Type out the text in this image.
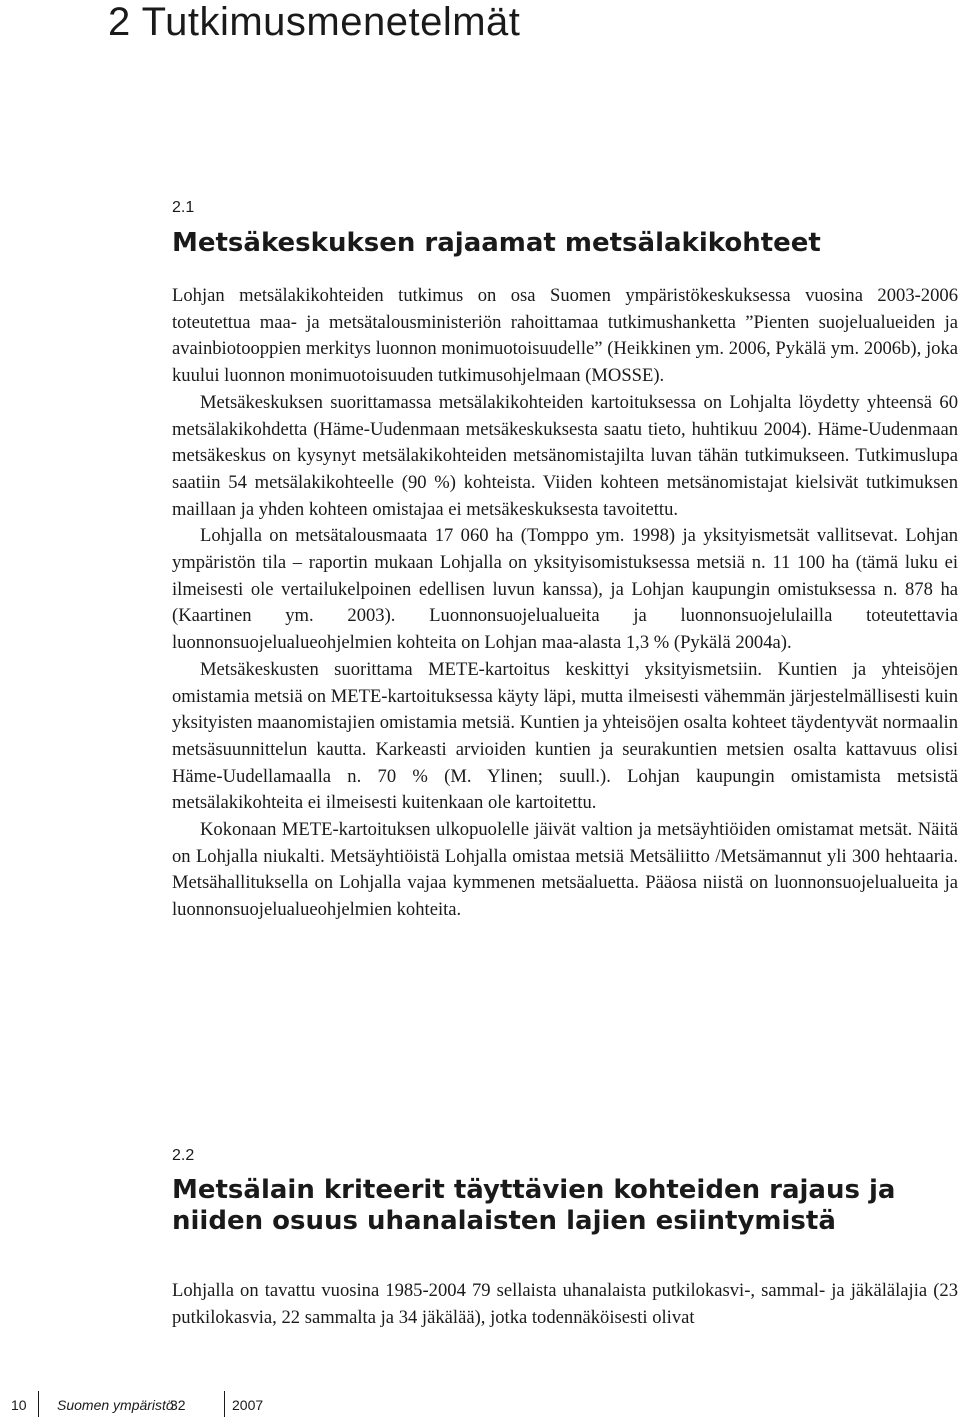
2 Tutkimusmenetelmät
2.1
Metsäkeskuksen rajaamat metsälakikohteet

Lohjan metsälakikohteiden tutkimus on osa Suomen ympäristökeskuksessa vuosina 2003-2006 toteutettua maa- ja metsätalousministeriön rahoittamaa tutkimushanketta ”Pienten suojelualueiden ja avainbiotooppien merkitys luonnon monimuotoisuudelle” (Heikkinen ym. 2006, Pykälä ym. 2006b), joka kuului luonnon monimuotoisuuden tutkimusohjelmaan (MOSSE).

Metsäkeskuksen suorittamassa metsälakikohteiden kartoituksessa on Lohjalta löydetty yhteensä 60 metsälakikohdetta (Häme-Uudenmaan metsäkeskuksesta saatu tieto, huhtikuu 2004). Häme-Uudenmaan metsäkeskus on kysynyt metsälakikohteiden metsänomistajilta luvan tähän tutkimukseen. Tutkimuslupa saatiin 54 metsälakikohteelle (90 %) kohteista. Viiden kohteen metsänomistajat kielsivät tutkimuksen maillaan ja yhden kohteen omistajaa ei metsäkeskuksesta tavoitettu.

Lohjalla on metsätalousmaata 17 060 ha (Tomppo ym. 1998) ja yksityismetsät vallitsevat. Lohjan ympäristön tila – raportin mukaan Lohjalla on yksityisomistuksessa metsiä n. 11 100 ha (tämä luku ei ilmeisesti ole vertailukelpoinen edellisen luvun kanssa), ja Lohjan kaupungin omistuksessa n. 878 ha (Kaartinen ym. 2003). Luonnonsuojelualueita ja luonnonsuojelulailla toteutettavia luonnonsuojelualueohjelmien kohteita on Lohjan maa-alasta 1,3 % (Pykälä 2004a).

Metsäkeskusten suorittama METE-kartoitus keskittyi yksityismetsiin. Kuntien ja yhteisöjen omistamia metsiä on METE-kartoituksessa käyty läpi, mutta ilmeisesti vähemmän järjestelmällisesti kuin yksityisten maanomistajien omistamia metsiä. Kuntien ja yhteisöjen osalta kohteet täydentyvät normaalin metsäsuunnittelun kautta. Karkeasti arvioiden kuntien ja seurakuntien metsien osalta kattavuus olisi Häme-Uudellamaalla n. 70 % (M. Ylinen; suull.). Lohjan kaupungin omistamista metsistä metsälakikohteita ei ilmeisesti kuitenkaan ole kartoitettu.

Kokonaan METE-kartoituksen ulkopuolelle jäivät valtion ja metsäyhtiöiden omistamat metsät. Näitä on Lohjalla niukalti. Metsäyhtiöistä Lohjalla omistaa metsiä Metsäliitto /Metsämannut yli 300 hehtaaria. Metsähallituksella on Lohjalla vajaa kymmenen metsäaluetta. Pääosa niistä on luonnonsuojelualueita ja luonnonsuojelualueohjelmien kohteita.

2.2
Metsälain kriteerit täyttävien kohteiden rajaus ja niiden osuus uhanalaisten lajien esiintymistä

Lohjalla on tavattu vuosina 1985-2004 79 sellaista uhanalaista putkilokasvi-, sammal- ja jäkälälajia (23 putkilokasvia, 22 sammalta ja 34 jäkälää), jotka todennäköisesti olivat

10 Suomen ympäristö
32	2007
